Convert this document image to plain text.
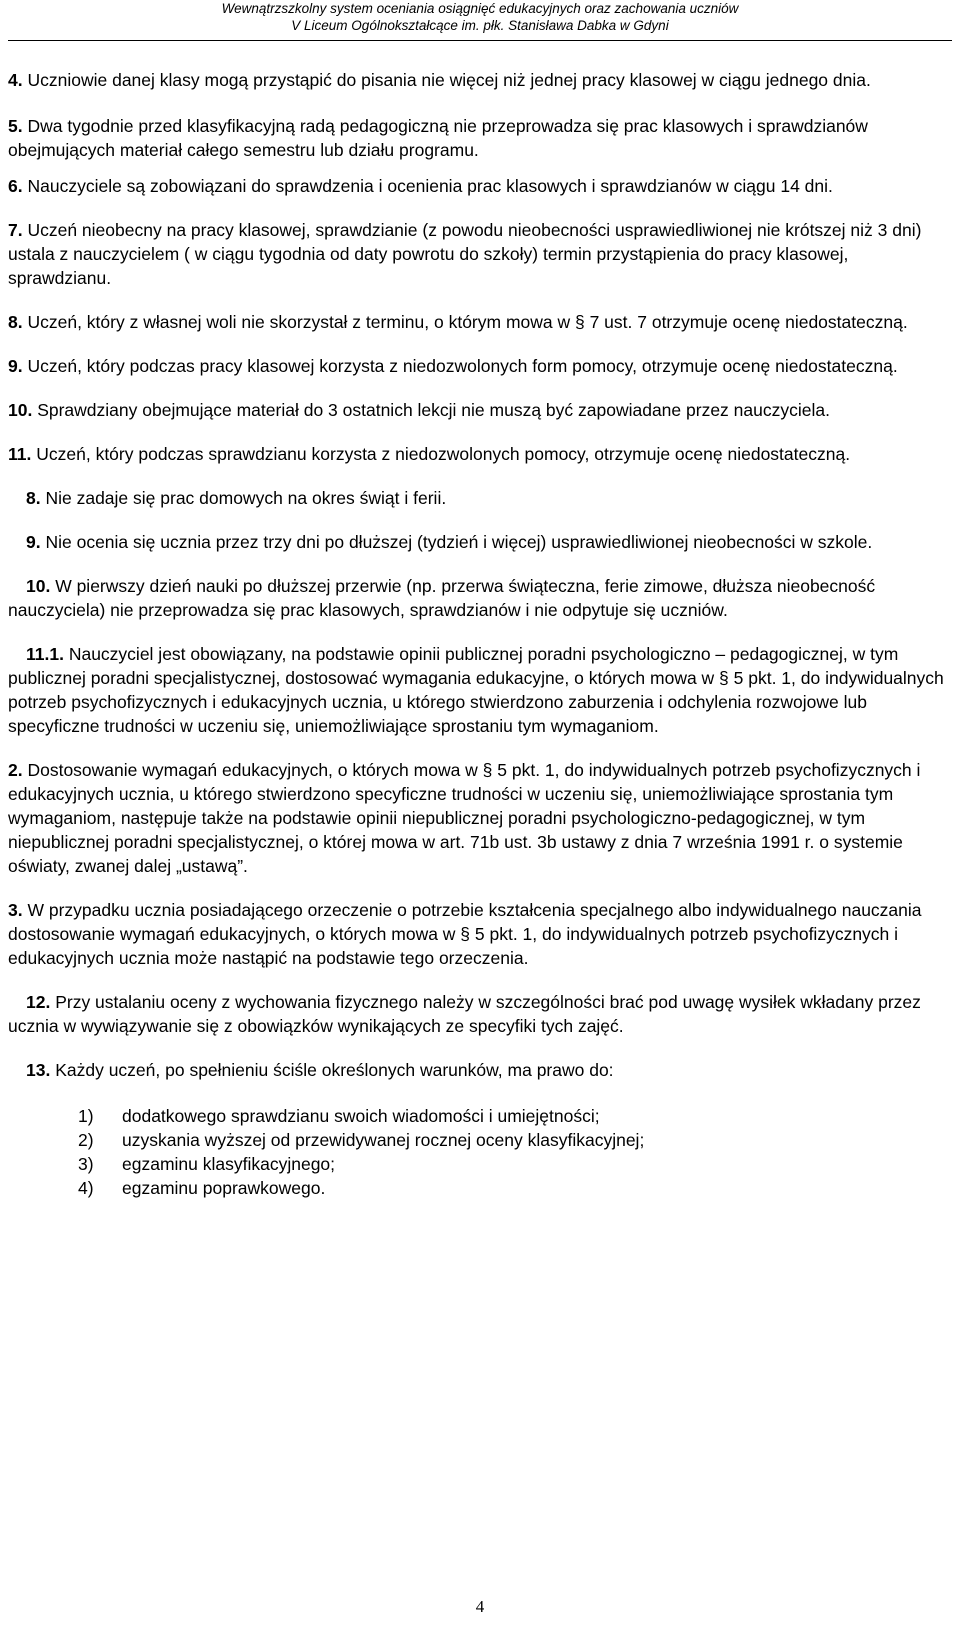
Wewnątrzszkolny system oceniania osiągnięć edukacyjnych oraz zachowania uczniów
V Liceum Ogólnokształcące im. płk. Stanisława Dabka w Gdyni

4. Uczniowie danej klasy mogą przystąpić do pisania nie więcej niż jednej pracy klasowej w ciągu jednego dnia.

5. Dwa tygodnie przed klasyfikacyjną radą pedagogiczną nie przeprowadza się prac klasowych i sprawdzianów obejmujących materiał całego semestru lub działu programu.

6. Nauczyciele są zobowiązani do sprawdzenia i ocenienia prac klasowych i sprawdzianów w ciągu 14 dni.

7. Uczeń nieobecny na pracy klasowej, sprawdzianie (z powodu nieobecności usprawiedliwionej nie krótszej niż 3 dni) ustala z nauczycielem ( w ciągu tygodnia od daty powrotu do szkoły) termin przystąpienia do pracy klasowej, sprawdzianu.

8. Uczeń, który z własnej woli nie skorzystał z terminu, o którym mowa w § 7 ust. 7 otrzymuje ocenę niedostateczną.

9. Uczeń, który podczas pracy klasowej korzysta z niedozwolonych form pomocy, otrzymuje ocenę niedostateczną.

10. Sprawdziany obejmujące materiał do 3 ostatnich lekcji nie muszą być zapowiadane przez nauczyciela.

11. Uczeń, który podczas sprawdzianu korzysta z niedozwolonych pomocy, otrzymuje ocenę niedostateczną.

8. Nie zadaje się prac domowych na okres świąt i ferii.

9. Nie ocenia się ucznia przez trzy dni po dłuższej (tydzień i więcej) usprawiedliwionej nieobecności w szkole.

10. W pierwszy dzień nauki po dłuższej przerwie (np. przerwa świąteczna, ferie zimowe, dłuższa nieobecność nauczyciela) nie przeprowadza się prac klasowych, sprawdzianów i nie odpytuje się uczniów.

11.1. Nauczyciel jest obowiązany, na podstawie opinii publicznej poradni psychologiczno – pedagogicznej, w tym publicznej poradni specjalistycznej, dostosować wymagania edukacyjne, o których mowa w § 5 pkt. 1, do indywidualnych potrzeb psychofizycznych i edukacyjnych ucznia, u którego stwierdzono zaburzenia i odchylenia rozwojowe lub specyficzne trudności w uczeniu się, uniemożliwiające sprostaniu tym wymaganiom.

2. Dostosowanie wymagań edukacyjnych, o których mowa w § 5 pkt. 1, do indywidualnych potrzeb psychofizycznych i edukacyjnych ucznia, u którego stwierdzono specyficzne trudności w uczeniu się, uniemożliwiające sprostania tym wymaganiom, następuje także na podstawie opinii niepublicznej poradni psychologiczno-pedagogicznej, w tym niepublicznej poradni specjalistycznej, o której mowa w art. 71b ust. 3b ustawy z dnia 7 września 1991 r. o systemie oświaty, zwanej dalej „ustawą”.

3. W przypadku ucznia posiadającego orzeczenie o potrzebie kształcenia specjalnego albo indywidualnego nauczania dostosowanie wymagań edukacyjnych, o których mowa w § 5 pkt. 1, do indywidualnych potrzeb psychofizycznych i edukacyjnych ucznia może nastąpić na podstawie tego orzeczenia.

12. Przy ustalaniu oceny z wychowania fizycznego należy w szczególności brać pod uwagę wysiłek wkładany przez ucznia w wywiązywanie się z obowiązków wynikających ze specyfiki tych zajęć.

13. Każdy uczeń, po spełnieniu ściśle określonych warunków, ma prawo do:

1)	dodatkowego sprawdzianu swoich wiadomości i umiejętności;
2)	uzyskania wyższej od przewidywanej rocznej oceny klasyfikacyjnej;
3)	egzaminu klasyfikacyjnego;
4)	egzaminu poprawkowego.
4
